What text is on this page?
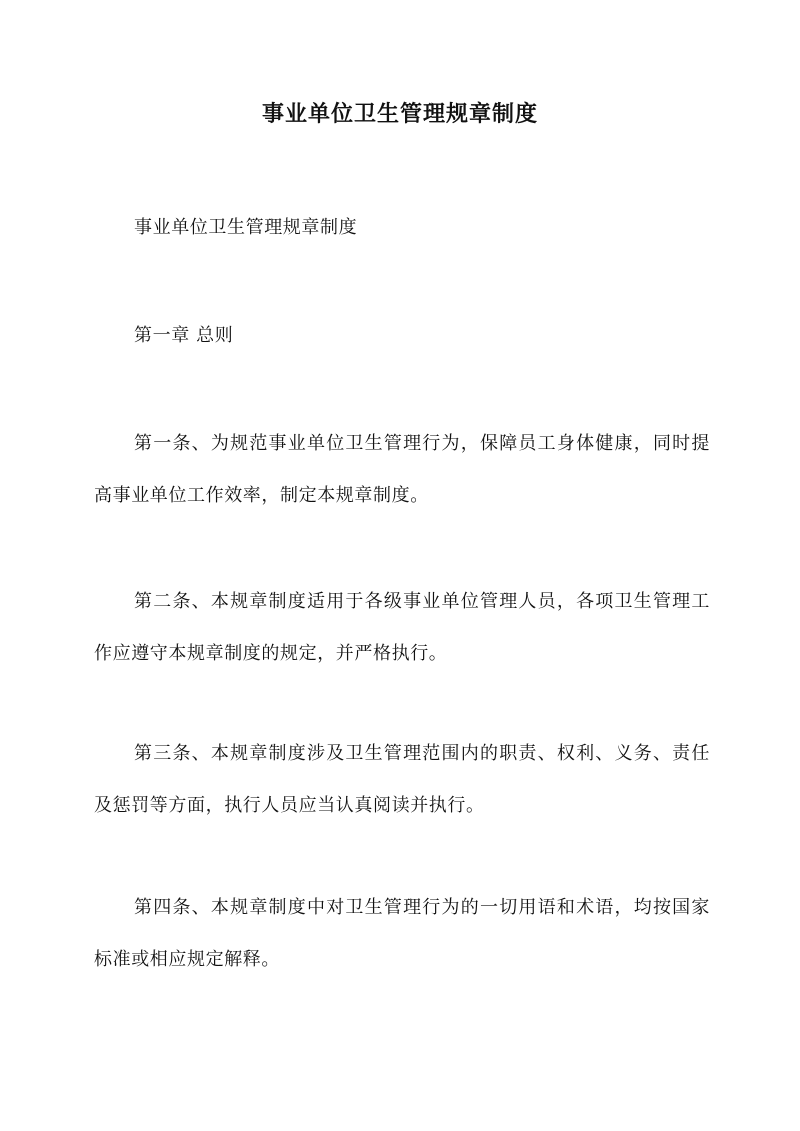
事业单位卫生管理规章制度

事业单位卫生管理规章制度

第一章 总则

第一条、为规范事业单位卫生管理行为，保障员工身体健康，同时提高事业单位工作效率，制定本规章制度。

第二条、本规章制度适用于各级事业单位管理人员，各项卫生管理工作应遵守本规章制度的规定，并严格执行。

第三条、本规章制度涉及卫生管理范围内的职责、权利、义务、责任及惩罚等方面，执行人员应当认真阅读并执行。

第四条、本规章制度中对卫生管理行为的一切用语和术语，均按国家标准或相应规定解释。
